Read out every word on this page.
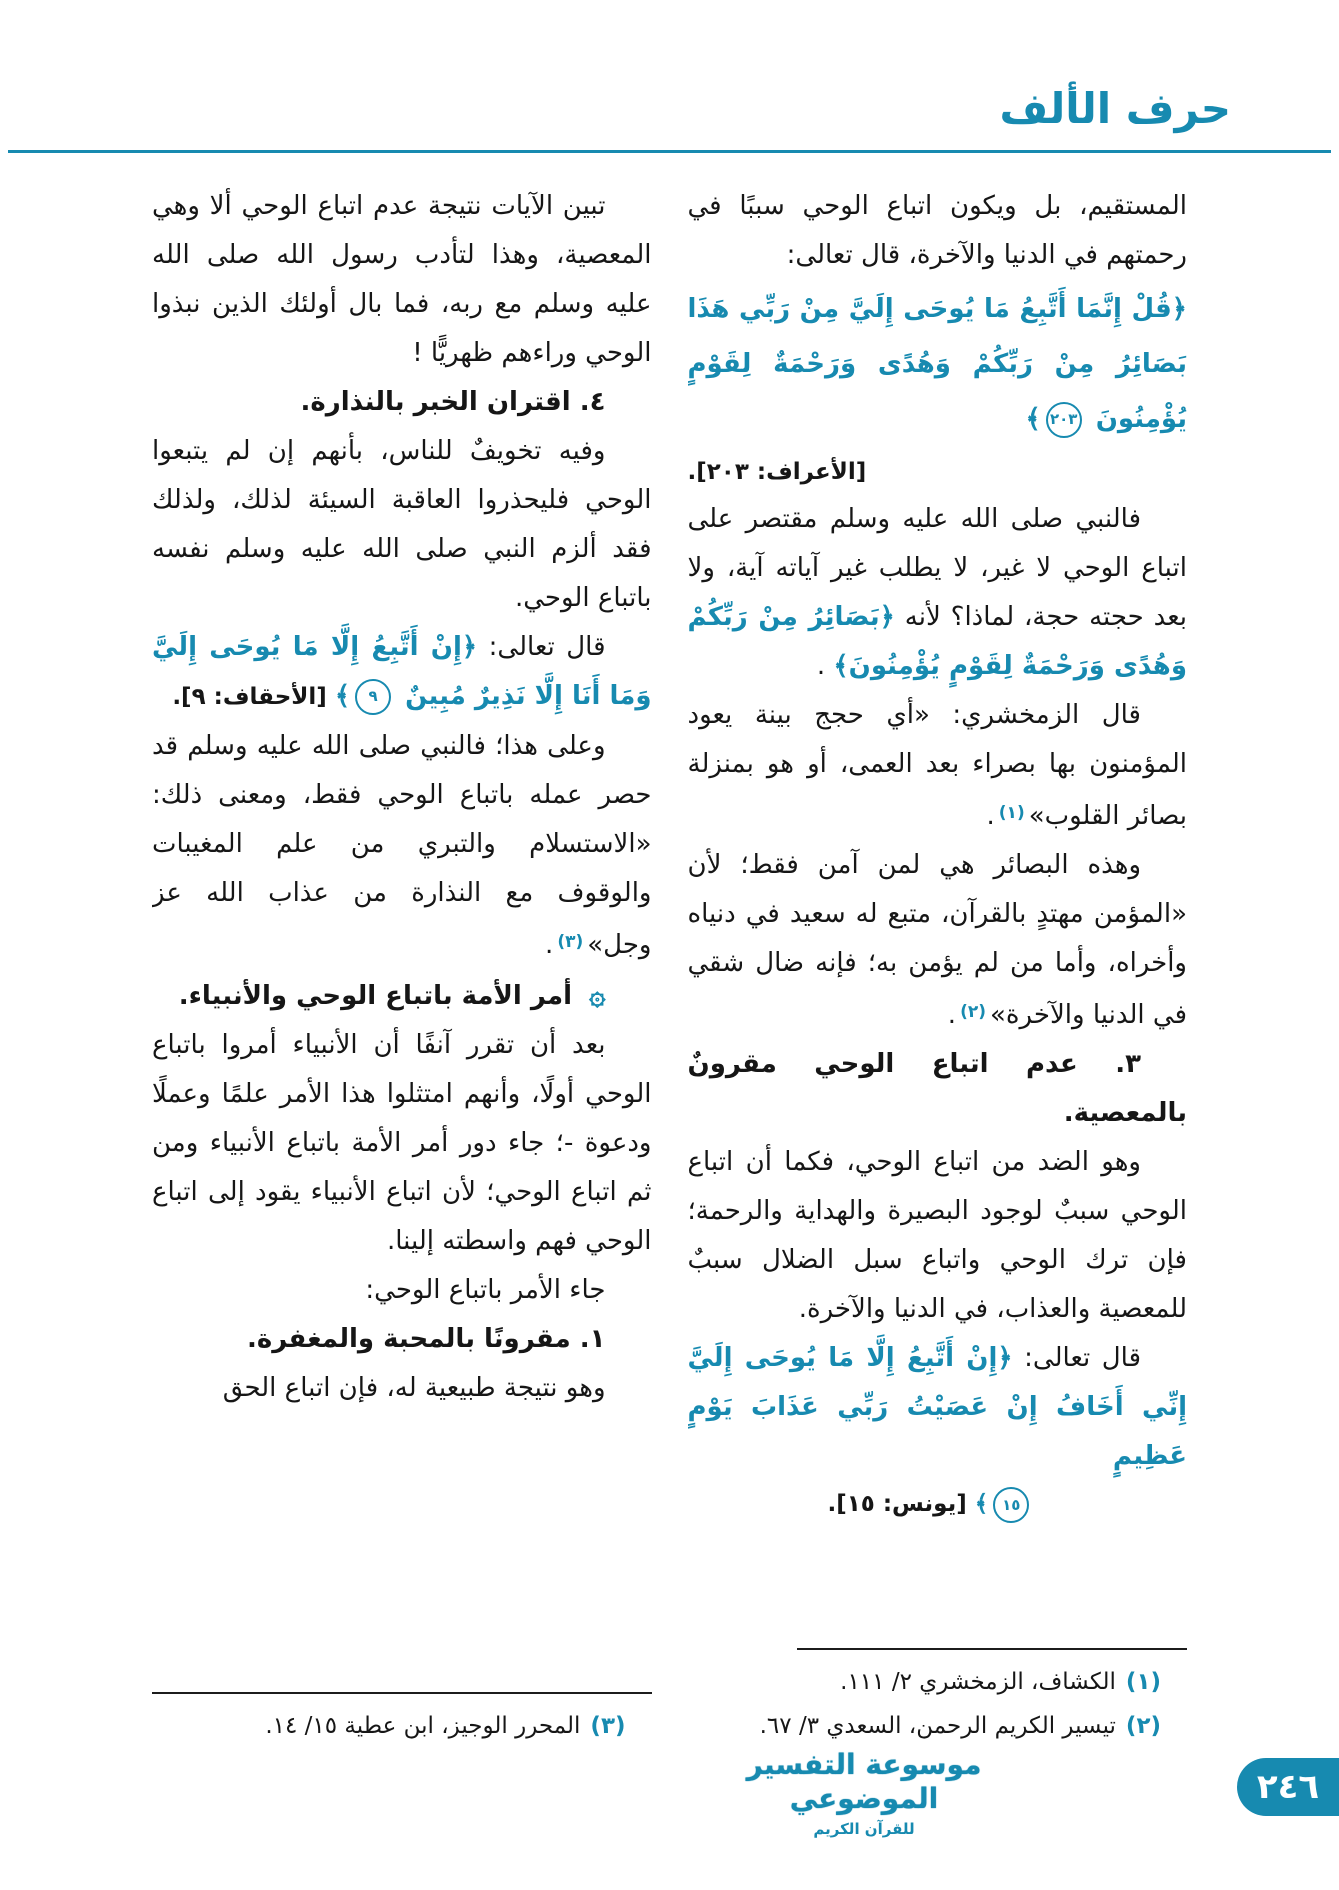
حرف الألف

المستقيم، بل ويكون اتباع الوحي سببًا في رحمتهم في الدنيا والآخرة، قال تعالى:

﴿قُلْ إِنَّمَا أَتَّبِعُ مَا يُوحَى إِلَيَّ مِنْ رَبِّي هَذَا بَصَائِرُ مِنْ رَبِّكُمْ وَهُدًى وَرَحْمَةٌ لِقَوْمٍ يُؤْمِنُونَ ٢٠٣﴾

[الأعراف: ٢٠٣].

فالنبي صلى الله عليه وسلم مقتصر على اتباع الوحي لا غير، لا يطلب غير آياته آية، ولا بعد حجته حجة، لماذا؟ لأنه ﴿بَصَائِرُ مِنْ رَبِّكُمْ وَهُدًى وَرَحْمَةٌ لِقَوْمٍ يُؤْمِنُونَ﴾ .

قال الزمخشري: «أي حجج بينة يعود المؤمنون بها بصراء بعد العمى، أو هو بمنزلة بصائر القلوب»$^{(١)}$.

وهذه البصائر هي لمن آمن فقط؛ لأن «المؤمن مهتدٍ بالقرآن، متبع له سعيد في دنياه وأخراه، وأما من لم يؤمن به؛ فإنه ضال شقي في الدنيا والآخرة»$^{(٢)}$.

٣. عدم اتباع الوحي مقرونٌ بالمعصية.

وهو الضد من اتباع الوحي، فكما أن اتباع الوحي سببٌ لوجود البصيرة والهداية والرحمة؛ فإن ترك الوحي واتباع سبل الضلال سببٌ للمعصية والعذاب، في الدنيا والآخرة.

قال تعالى: ﴿إِنْ أَتَّبِعُ إِلَّا مَا يُوحَى إِلَيَّ إِنِّي أَخَافُ إِنْ عَصَيْتُ رَبِّي عَذَابَ يَوْمٍ عَظِيمٍ

١٥﴾ [يونس: ١٥].

(١)الكشاف، الزمخشري ٢/ ١١١.
(٢)تيسير الكريم الرحمن، السعدي ٣/ ٦٧.

تبين الآيات نتيجة عدم اتباع الوحي ألا وهي المعصية، وهذا لتأدب رسول الله صلى الله عليه وسلم مع ربه، فما بال أولئك الذين نبذوا الوحي وراءهم ظهريًّا !

٤. اقتران الخبر بالنذارة.

وفيه تخويفٌ للناس، بأنهم إن لم يتبعوا الوحي فليحذروا العاقبة السيئة لذلك، ولذلك فقد ألزم النبي صلى الله عليه وسلم نفسه باتباع الوحي.

قال تعالى: ﴿إِنْ أَتَّبِعُ إِلَّا مَا يُوحَى إِلَيَّ وَمَا أَنَا إِلَّا نَذِيرٌ مُبِينٌ ٩﴾ [الأحقاف: ٩].

وعلى هذا؛ فالنبي صلى الله عليه وسلم قد حصر عمله باتباع الوحي فقط، ومعنى ذلك: «الاستسلام والتبري من علم المغيبات والوقوف مع النذارة من عذاب الله عز وجل»$^{(٣)}$.

۞ أمر الأمة باتباع الوحي والأنبياء.

بعد أن تقرر آنفًا أن الأنبياء أمروا باتباع الوحي أولًا، وأنهم امتثلوا هذا الأمر علمًا وعملًا ودعوة -؛ جاء دور أمر الأمة باتباع الأنبياء ومن ثم اتباع الوحي؛ لأن اتباع الأنبياء يقود إلى اتباع الوحي فهم واسطته إلينا.

جاء الأمر باتباع الوحي:

١. مقرونًا بالمحبة والمغفرة.

وهو نتيجة طبيعية له، فإن اتباع الحق

(٣)المحرر الوجيز، ابن عطية ١٥/ ١٤.
موسوعة التفسير الموضوعي
للقرآن الكريم
٢٤٦
